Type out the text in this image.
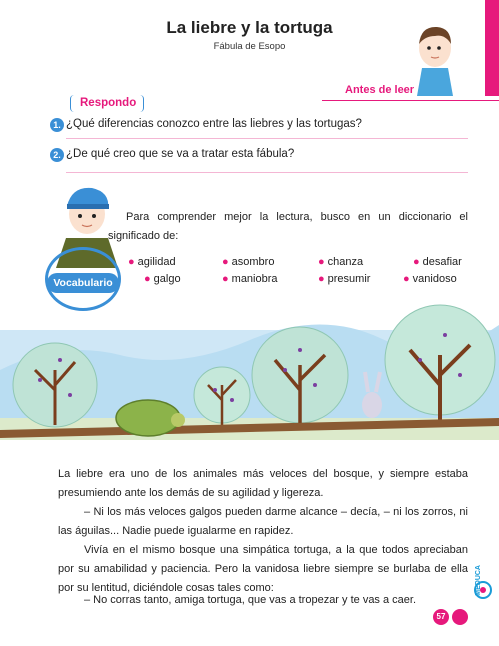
La liebre y la tortuga
Fábula de Esopo
Antes de leer
Respondo
1. ¿Qué diferencias conozco entre las liebres y las tortugas?
2. ¿De qué creo que se va a tratar esta fábula?
Para comprender mejor la lectura, busco en un diccionario el significado de:
Vocabulario
● agilidad	● asombro	● chanza	● desafiar
● galgo	● maniobra	● presumir	● vanidoso
La liebre era uno de los animales más veloces del bosque, y siempre estaba presumiendo ante los demás de su agilidad y ligereza.
– Ni los más veloces galgos pueden darme alcance – decía, – ni los zorros, ni las águilas... Nadie puede igualarme en rapidez.
Vivía en el mismo bosque una simpática tortuga, a la que todos apreciaban por su amabilidad y paciencia. Pero la vanidosa liebre siempre se burlaba de ella por su lentitud, diciéndole cosas tales como:
– No corras tanto, amiga tortuga, que vas a tropezar y te vas a caer.
MEDUCA
57
